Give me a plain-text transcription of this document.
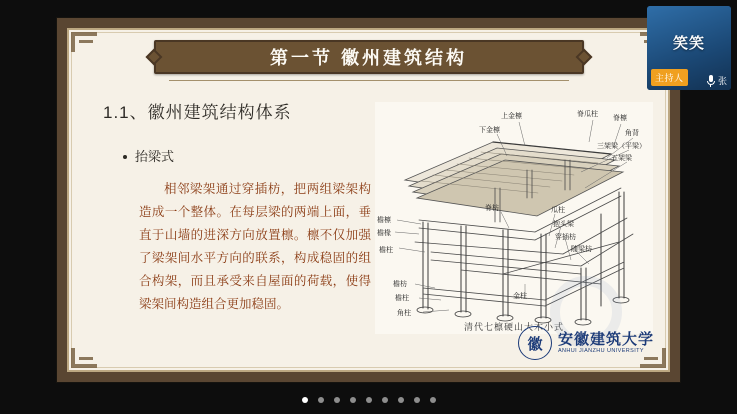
第一节 徽州建筑结构
1.1、徽州建筑结构体系
抬梁式
相邻梁架通过穿插枋，把两组梁架构造成一个整体。在每层梁的两端上面，垂直于山墙的进深方向放置檩。檩不仅加强了梁架间水平方向的联系，构成稳固的组合构架，而且承受来自屋面的荷载，使得梁架间构造组合更加稳固。
上金檩
下金檩
脊瓜柱 脊檩
角背
三架梁（平梁）
五架梁
檐檩
檐椽
檐柱
脊枋	瓜柱
抱头梁
穿插枋
随梁枋
檐枋
檐柱
角柱
金柱
清代七檩硬山大木小式
徽	安徽建筑大学
ANHUI JIANZHU UNIVERSITY
笑笑
主持人	张
